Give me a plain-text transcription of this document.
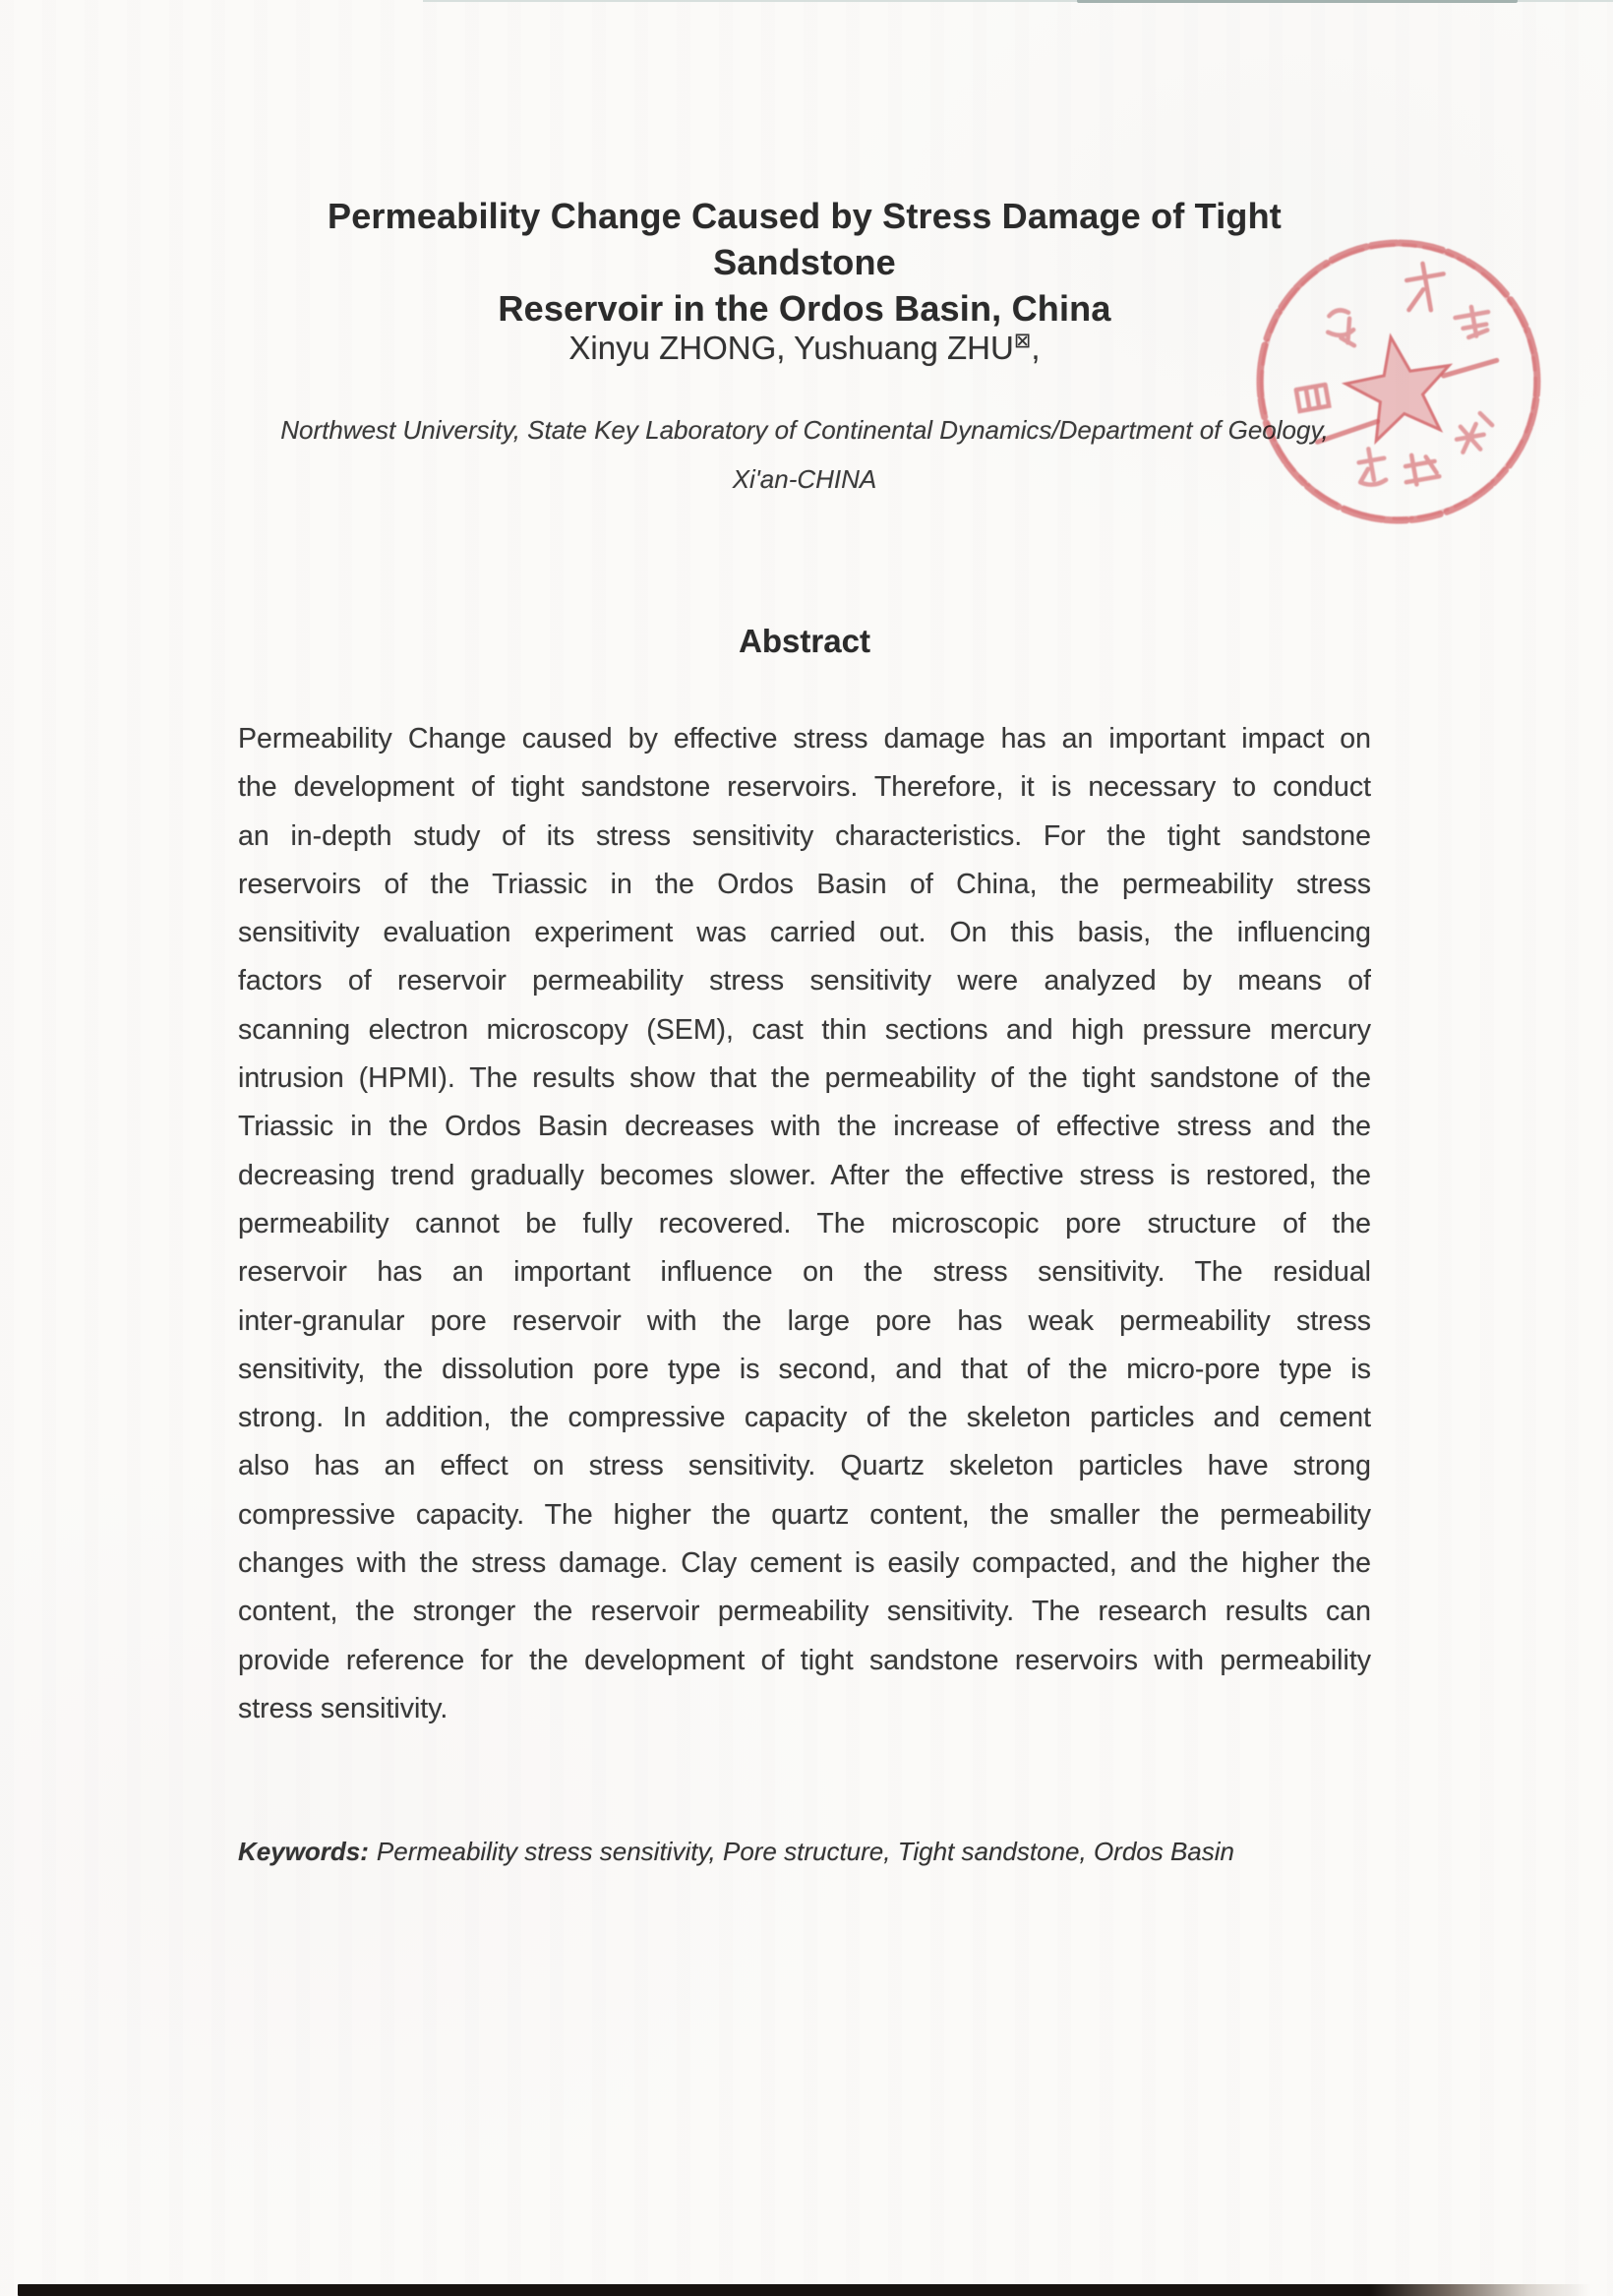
Permeability Change Caused by Stress Damage of Tight Sandstone
Reservoir in the Ordos Basin, China
Xinyu ZHONG, Yushuang ZHU⊠,
Northwest University, State Key Laboratory of Continental Dynamics/Department of Geology,
Xi'an-CHINA
Abstract
Permeability Change caused by effective stress damage has an important impact on
the development of tight sandstone reservoirs. Therefore, it is necessary to conduct
an in-depth study of its stress sensitivity characteristics. For the tight sandstone
reservoirs of the Triassic in the Ordos Basin of China, the permeability stress
sensitivity evaluation experiment was carried out. On this basis, the influencing
factors of reservoir permeability stress sensitivity were analyzed by means of
scanning electron microscopy (SEM), cast thin sections and high pressure mercury
intrusion (HPMI). The results show that the permeability of the tight sandstone of the
Triassic in the Ordos Basin decreases with the increase of effective stress and the
decreasing trend gradually becomes slower. After the effective stress is restored, the
permeability cannot be fully recovered. The microscopic pore structure of the
reservoir has an important influence on the stress sensitivity. The residual
inter-granular pore reservoir with the large pore has weak permeability stress
sensitivity, the dissolution pore type is second, and that of the micro-pore type is
strong. In addition, the compressive capacity of the skeleton particles and cement
also has an effect on stress sensitivity. Quartz skeleton particles have strong
compressive capacity. The higher the quartz content, the smaller the permeability
changes with the stress damage. Clay cement is easily compacted, and the higher the
content, the stronger the reservoir permeability sensitivity. The research results can
provide reference for the development of tight sandstone reservoirs with permeability
stress sensitivity.
Keywords: Permeability stress sensitivity, Pore structure, Tight sandstone, Ordos Basin
